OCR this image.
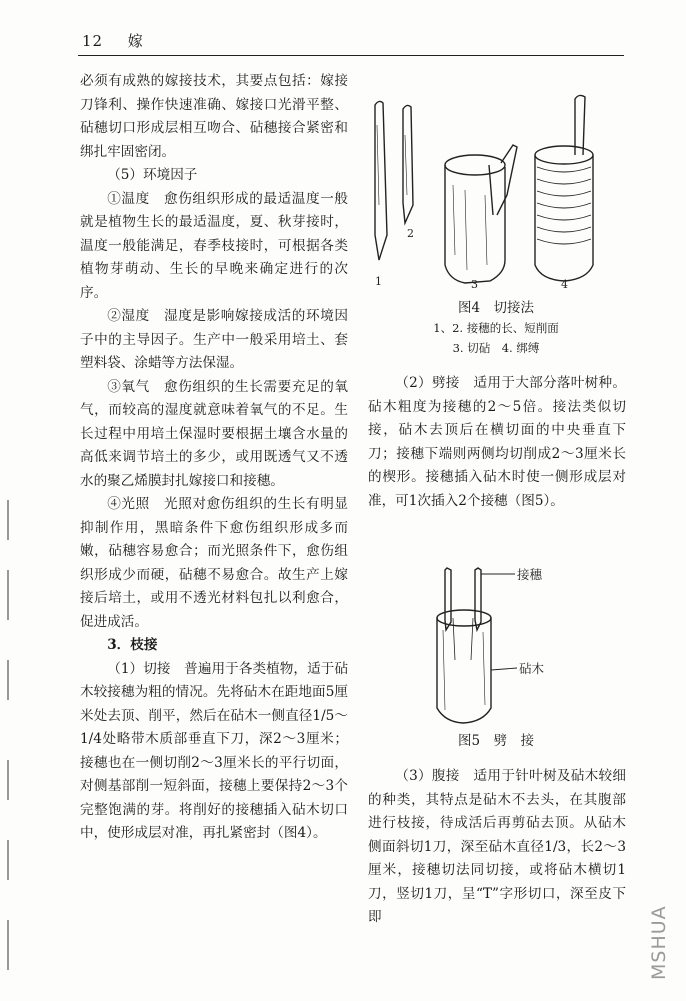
12 嫁

必须有成熟的嫁接技术，其要点包括：嫁接刀锋利、操作快速准确、嫁接口光滑平整、砧穗切口形成层相互吻合、砧穗接合紧密和绑扎牢固密闭。

（5）环境因子

①温度　愈伤组织形成的最适温度一般就是植物生长的最适温度，夏、秋芽接时，温度一般能满足，春季枝接时，可根据各类植物芽萌动、生长的早晚来确定进行的次序。

②湿度　湿度是影响嫁接成活的环境因子中的主导因子。生产中一般采用培土、套塑料袋、涂蜡等方法保湿。

③氧气　愈伤组织的生长需要充足的氧气，而较高的湿度就意味着氧气的不足。生长过程中用培土保湿时要根据土壤含水量的高低来调节培土的多少，或用既透气又不透水的聚乙烯膜封扎嫁接口和接穗。

④光照　光照对愈伤组织的生长有明显抑制作用，黑暗条件下愈伤组织形成多而嫩，砧穗容易愈合；而光照条件下，愈伤组织形成少而硬，砧穗不易愈合。故生产上嫁接后培土，或用不透光材料包扎以利愈合，促进成活。

3．枝接

（1）切接　普遍用于各类植物，适于砧木较接穗为粗的情况。先将砧木在距地面5厘米处去顶、削平，然后在砧木一侧直径1/5～1/4处略带木质部垂直下刀，深2～3厘米；接穗也在一侧切削2～3厘米长的平行切面，对侧基部削一短斜面，接穗上要保持2～3个完整饱满的芽。将削好的接穗插入砧木切口中，使形成层对准，再扎紧密封（图4）。

1
2
3	4
图4　切接法
1、2. 接穗的长、短削面
3. 切砧　4. 绑缚

（2）劈接　适用于大部分落叶树种。砧木粗度为接穗的2～5倍。接法类似切接，砧木去顶后在横切面的中央垂直下刀；接穗下端则两侧均切削成2～3厘米长的楔形。接穗插入砧木时使一侧形成层对准，可1次插入2个接穗（图5）。

接穗
砧木
图5　劈　接

（3）腹接　适用于针叶树及砧木较细的种类，其特点是砧木不去头，在其腹部进行枝接，待成活后再剪砧去顶。从砧木侧面斜切1刀，深至砧木直径1/3，长2～3厘米，接穗切法同切接，或将砧木横切1刀，竖切1刀，呈“T”字形切口，深至皮下即	MSHUA
